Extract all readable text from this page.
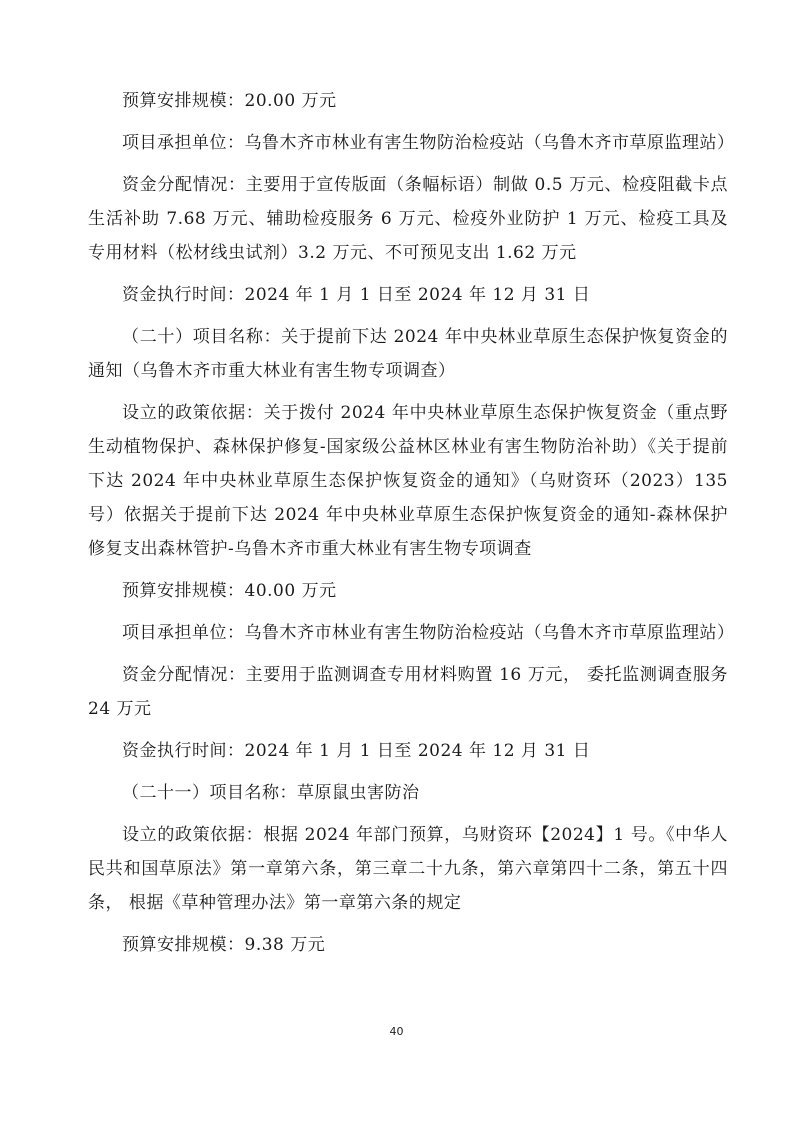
预算安排规模：20.00 万元

项目承担单位：乌鲁木齐市林业有害生物防治检疫站（乌鲁木齐市草原监理站）

资金分配情况：主要用于宣传版面（条幅标语）制做 0.5 万元、检疫阻截卡点生活补助 7.68 万元、辅助检疫服务 6 万元、检疫外业防护 1 万元、检疫工具及专用材料（松材线虫试剂）3.2 万元、不可预见支出 1.62 万元

资金执行时间：2024 年 1 月 1 日至 2024 年 12 月 31 日

（二十）项目名称：关于提前下达 2024 年中央林业草原生态保护恢复资金的通知（乌鲁木齐市重大林业有害生物专项调查）

设立的政策依据：关于拨付 2024 年中央林业草原生态保护恢复资金（重点野生动植物保护、森林保护修复-国家级公益林区林业有害生物防治补助）《关于提前下达 2024 年中央林业草原生态保护恢复资金的通知》（乌财资环（2023）135 号）依据关于提前下达 2024 年中央林业草原生态保护恢复资金的通知-森林保护修复支出森林管护-乌鲁木齐市重大林业有害生物专项调查

预算安排规模：40.00 万元

项目承担单位：乌鲁木齐市林业有害生物防治检疫站（乌鲁木齐市草原监理站）

资金分配情况：主要用于监测调查专用材料购置 16 万元， 委托监测调查服务 24 万元

资金执行时间：2024 年 1 月 1 日至 2024 年 12 月 31 日

（二十一）项目名称：草原鼠虫害防治

设立的政策依据：根据 2024 年部门预算，乌财资环【2024】1 号。《中华人民共和国草原法》第一章第六条，第三章二十九条，第六章第四十二条，第五十四条， 根据《草种管理办法》第一章第六条的规定

预算安排规模：9.38 万元

40
